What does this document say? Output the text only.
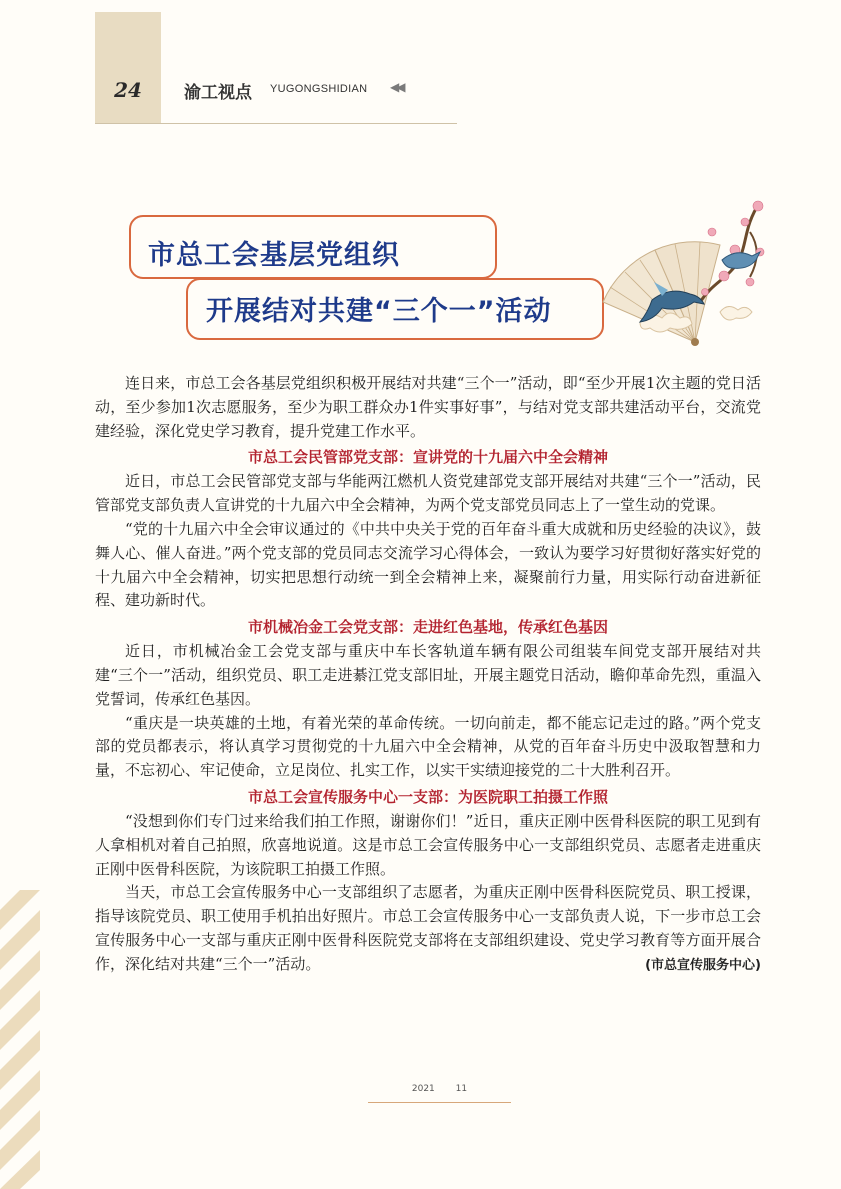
24	渝工视点 YUGONGSHIDIAN ◀◀
市总工会基层党组织
开展结对共建“三个一”活动

连日来，市总工会各基层党组织积极开展结对共建“三个一”活动，即“至少开展1次主题的党日活动，至少参加1次志愿服务，至少为职工群众办1件实事好事”，与结对党支部共建活动平台，交流党建经验，深化党史学习教育，提升党建工作水平。

市总工会民管部党支部：宣讲党的十九届六中全会精神

近日，市总工会民管部党支部与华能两江燃机人资党建部党支部开展结对共建“三个一”活动，民管部党支部负责人宣讲党的十九届六中全会精神，为两个党支部党员同志上了一堂生动的党课。

“党的十九届六中全会审议通过的《中共中央关于党的百年奋斗重大成就和历史经验的决议》，鼓舞人心、催人奋进。”两个党支部的党员同志交流学习心得体会，一致认为要学习好贯彻好落实好党的十九届六中全会精神，切实把思想行动统一到全会精神上来，凝聚前行力量，用实际行动奋进新征程、建功新时代。

市机械冶金工会党支部：走进红色基地，传承红色基因

近日，市机械冶金工会党支部与重庆中车长客轨道车辆有限公司组装车间党支部开展结对共建“三个一”活动，组织党员、职工走进綦江党支部旧址，开展主题党日活动，瞻仰革命先烈，重温入党誓词，传承红色基因。

“重庆是一块英雄的土地，有着光荣的革命传统。一切向前走，都不能忘记走过的路。”两个党支部的党员都表示，将认真学习贯彻党的十九届六中全会精神，从党的百年奋斗历史中汲取智慧和力量，不忘初心、牢记使命，立足岗位、扎实工作，以实干实绩迎接党的二十大胜利召开。

市总工会宣传服务中心一支部：为医院职工拍摄工作照

“没想到你们专门过来给我们拍工作照，谢谢你们！”近日，重庆正刚中医骨科医院的职工见到有人拿相机对着自己拍照，欣喜地说道。这是市总工会宣传服务中心一支部组织党员、志愿者走进重庆正刚中医骨科医院，为该院职工拍摄工作照。

当天，市总工会宣传服务中心一支部组织了志愿者，为重庆正刚中医骨科医院党员、职工授课，指导该院党员、职工使用手机拍出好照片。市总工会宣传服务中心一支部负责人说，下一步市总工会宣传服务中心一支部与重庆正刚中医骨科医院党支部将在支部组织建设、党史学习教育等方面开展合作，深化结对共建“三个一”活动。	(市总宣传服务中心)
2021 11
